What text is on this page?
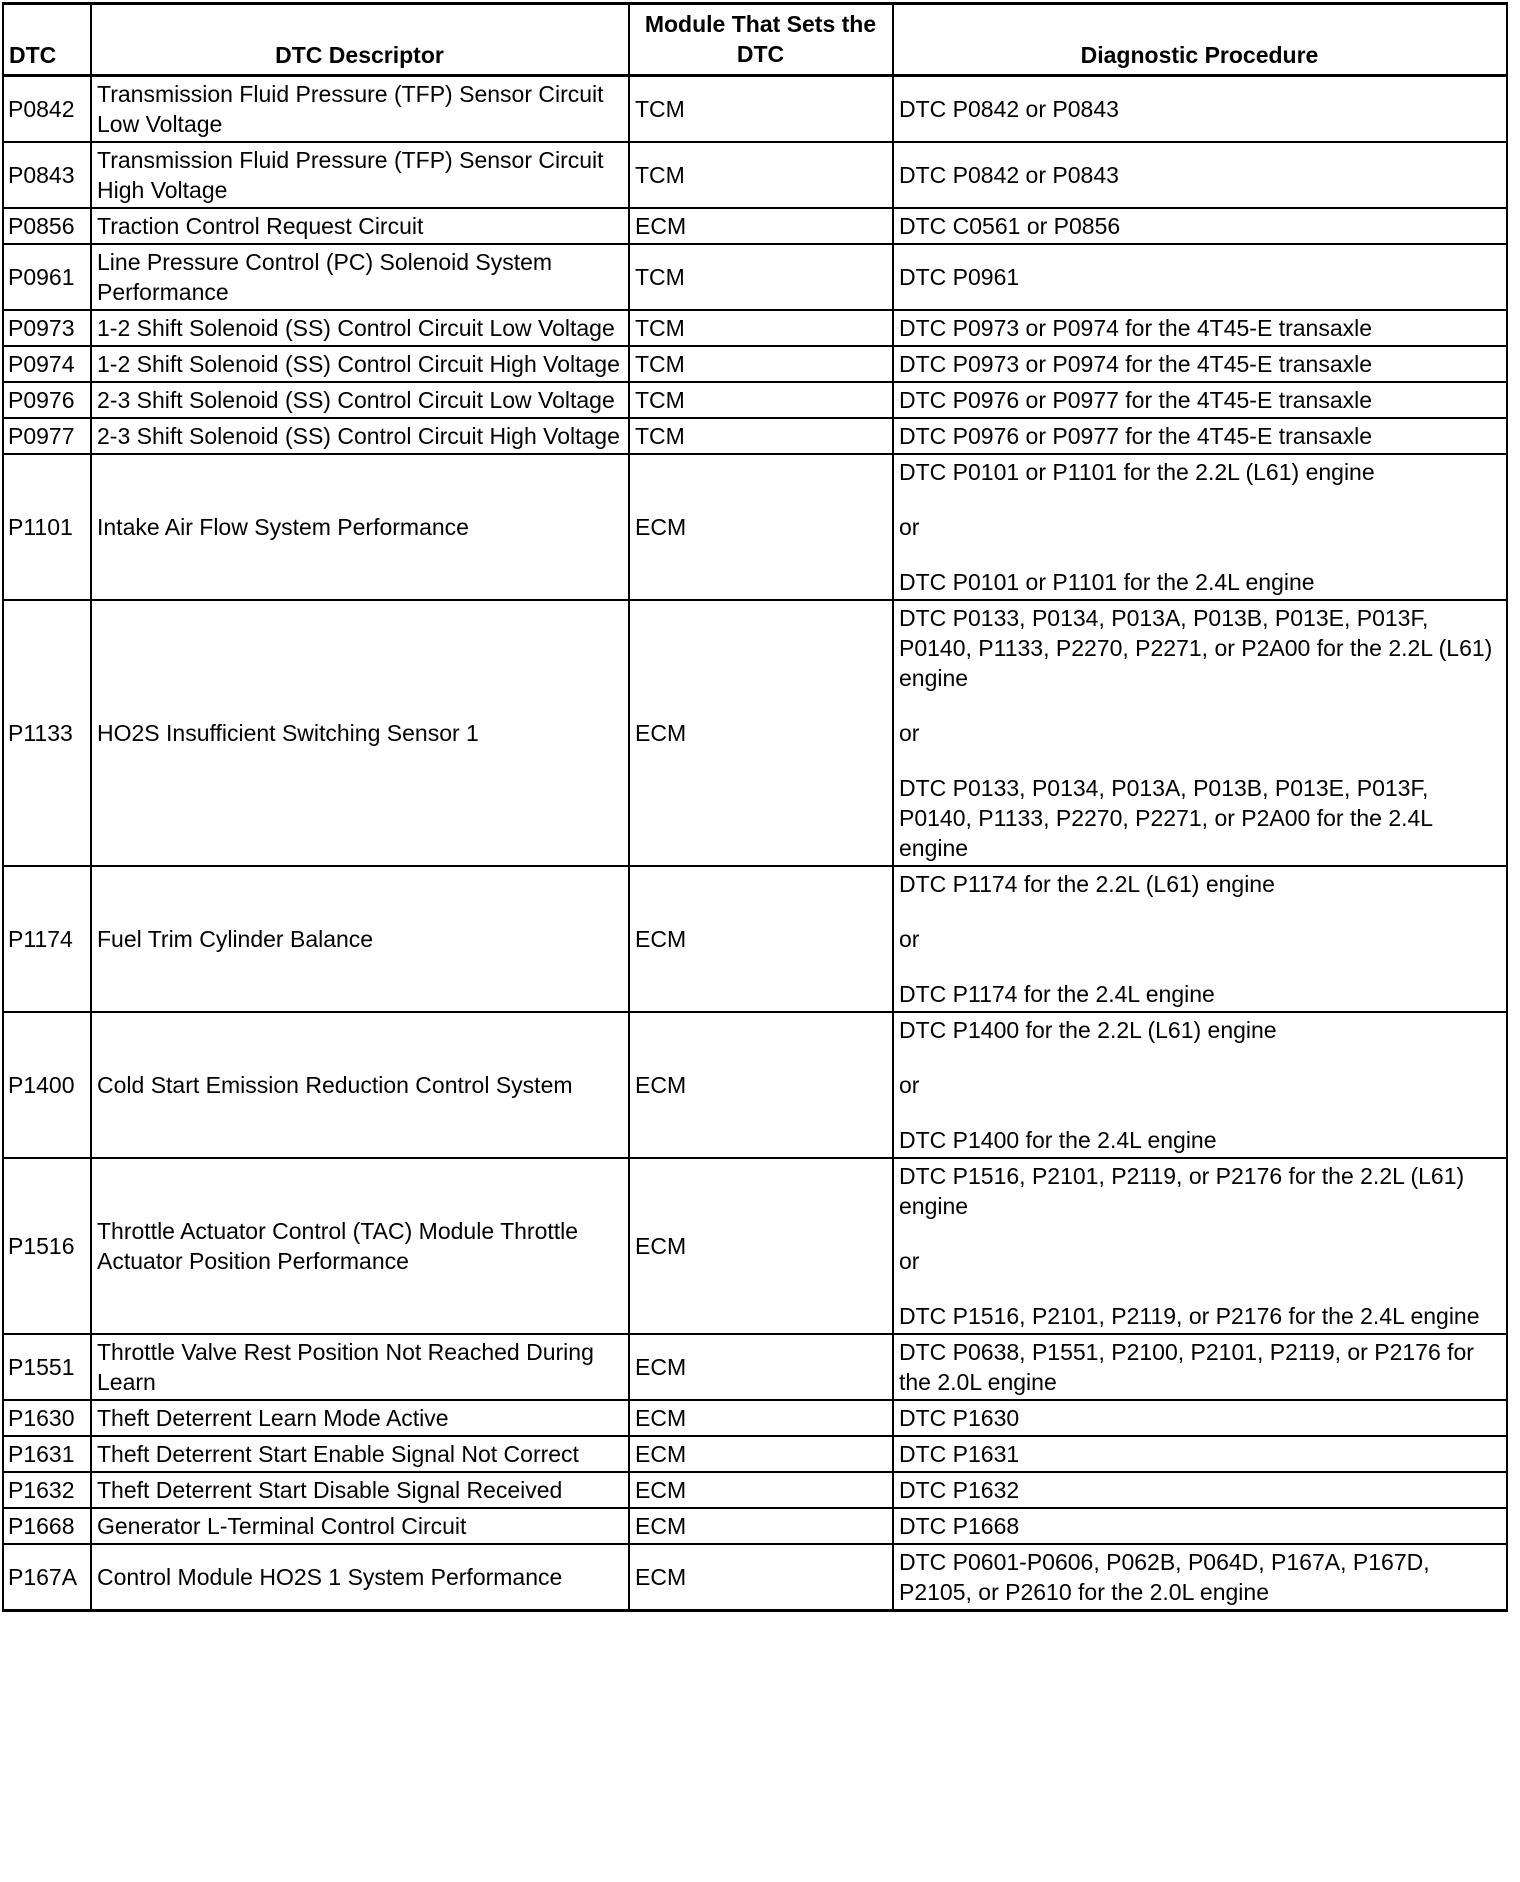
DTC	DTC Descriptor	Module That Sets the DTC	Diagnostic Procedure
P0842	Transmission Fluid Pressure (TFP) Sensor Circuit Low Voltage	TCM	DTC P0842 or P0843

P0843	Transmission Fluid Pressure (TFP) Sensor Circuit High Voltage	TCM	DTC P0842 or P0843

P0856	Traction Control Request Circuit	ECM	DTC C0561 or P0856

P0961	Line Pressure Control (PC) Solenoid System Performance	TCM	DTC P0961

P0973	1-2 Shift Solenoid (SS) Control Circuit Low Voltage	TCM	DTC P0973 or P0974 for the 4T45-E transaxle

P0974	1-2 Shift Solenoid (SS) Control Circuit High Voltage	TCM	DTC P0973 or P0974 for the 4T45-E transaxle

P0976	2-3 Shift Solenoid (SS) Control Circuit Low Voltage	TCM	DTC P0976 or P0977 for the 4T45-E transaxle

P0977	2-3 Shift Solenoid (SS) Control Circuit High Voltage	TCM	DTC P0976 or P0977 for the 4T45-E transaxle

P1101	Intake Air Flow System Performance	ECM	DTC P0101 or P1101 for the 2.2L (L61) engine
or
DTC P0101 or P1101 for the 2.4L engine

P1133	HO2S Insufficient Switching Sensor 1	ECM	DTC P0133, P0134, P013A, P013B, P013E, P013F, P0140, P1133, P2270, P2271, or P2A00 for the 2.2L (L61) engine
or
DTC P0133, P0134, P013A, P013B, P013E, P013F, P0140, P1133, P2270, P2271, or P2A00 for the 2.4L engine

P1174	Fuel Trim Cylinder Balance	ECM	DTC P1174 for the 2.2L (L61) engine
or
DTC P1174 for the 2.4L engine

P1400	Cold Start Emission Reduction Control System	ECM	DTC P1400 for the 2.2L (L61) engine
or
DTC P1400 for the 2.4L engine

P1516	Throttle Actuator Control (TAC) Module Throttle Actuator Position Performance	ECM	DTC P1516, P2101, P2119, or P2176 for the 2.2L (L61) engine
or
DTC P1516, P2101, P2119, or P2176 for the 2.4L engine

P1551	Throttle Valve Rest Position Not Reached During Learn	ECM	DTC P0638, P1551, P2100, P2101, P2119, or P2176 for the 2.0L engine

P1630	Theft Deterrent Learn Mode Active	ECM	DTC P1630

P1631	Theft Deterrent Start Enable Signal Not Correct	ECM	DTC P1631

P1632	Theft Deterrent Start Disable Signal Received	ECM	DTC P1632

P1668	Generator L-Terminal Control Circuit	ECM	DTC P1668

P167A	Control Module HO2S 1 System Performance	ECM	DTC P0601-P0606, P062B, P064D, P167A, P167D, P2105, or P2610 for the 2.0L engine
